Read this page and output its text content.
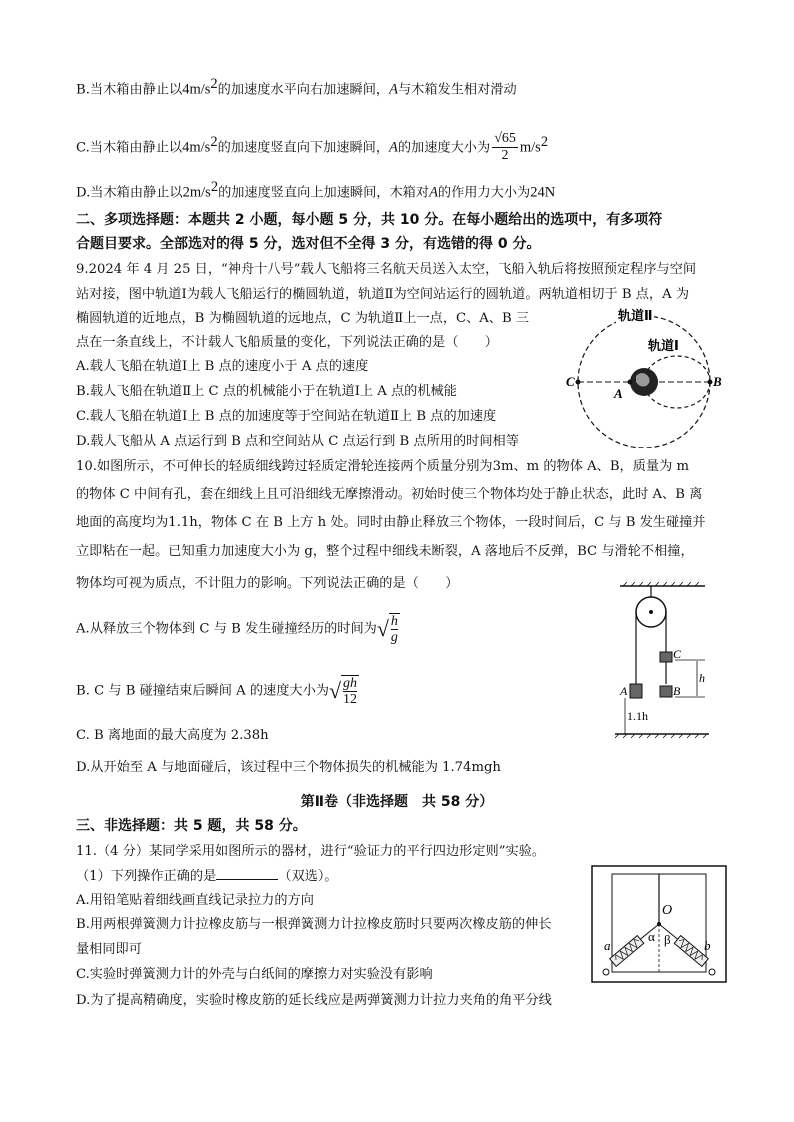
B.当木箱由静止以$4m/s^2$的加速度水平向右加速瞬间，A与木箱发生相对滑动
C.当木箱由静止以$4m/s^2$的加速度竖直向下加速瞬间，A的加速度大小为 $\frac{√65}{2} m/s^2$
D.当木箱由静止以$2m/s^2$的加速度竖直向上加速瞬间，木箱对A的作用力大小为24N
二、多项选择题：本题共 2 小题，每小题 5 分，共 10 分。在每小题给出的选项中，有多项符
合题目要求。全部选对的得 5 分，选对但不全得 3 分，有选错的得 0 分。
9.2024 年 4 月 25 日，“神舟十八号”载人飞船将三名航天员送入太空，飞船入轨后将按照预定程序与空间
站对接，图中轨道Ⅰ为载人飞船运行的椭圆轨道，轨道Ⅱ为空间站运行的圆轨道。两轨道相切于 B 点，A 为
椭圆轨道的近地点，B 为椭圆轨道的远地点，C 为轨道Ⅱ上一点，C、A、B 三
点在一条直线上，不计载人飞船质量的变化，下列说法正确的是（　　）
A.载人飞船在轨道Ⅰ上 B 点的速度小于 A 点的速度
B.载人飞船在轨道Ⅱ上 C 点的机械能小于在轨道Ⅰ上 A 点的机械能
C.载人飞船在轨道Ⅰ上 B 点的加速度等于空间站在轨道Ⅱ上 B 点的加速度
D.载人飞船从 A 点运行到 B 点和空间站从 C 点运行到 B 点所用的时间相等
轨道Ⅱ
轨道Ⅰ
C
A
B
10.如图所示，不可伸长的轻质细线跨过轻质定滑轮连接两个质量分别为3m、m 的物体 A、B，质量为 m
的物体 C 中间有孔，套在细线上且可沿细线无摩擦滑动。初始时使三个物体均处于静止状态，此时 A、B 离
地面的高度均为1.1h，物体 C 在 B 上方 h 处。同时由静止释放三个物体，一段时间后，C 与 B 发生碰撞并
立即粘在一起。已知重力加速度大小为 g，整个过程中细线未断裂，A 落地后不反弹，BC 与滑轮不相撞，
物体均可视为质点，不计阻力的影响。下列说法正确的是（　　）
A.从释放三个物体到 C 与 B 发生碰撞经历的时间为√ $\frac{h}{g}$
B. C 与 B 碰撞结束后瞬间 A 的速度大小为√ $\frac{gh}{12}$
C. B 离地面的最大高度为 2.38h
D.从开始至 A 与地面碰后，该过程中三个物体损失的机械能为 1.74mgh
C
A	B
h
1.1h
第Ⅱ卷（非选择题　共 58 分）
三、非选择题：共 5 题，共 58 分。
11.（4 分）某同学采用如图所示的器材，进行“验证力的平行四边形定则”实验。
（1）下列操作正确的是	（双选）。
A.用铅笔贴着细线画直线记录拉力的方向
B.用两根弹簧测力计拉橡皮筋与一根弹簧测力计拉橡皮筋时只要两次橡皮筋的伸长
量相同即可
C.实验时弹簧测力计的外壳与白纸间的摩擦力对实验没有影响
D.为了提高精确度，实验时橡皮筋的延长线应是两弹簧测力计拉力夹角的角平分线
O
α β
a	b
